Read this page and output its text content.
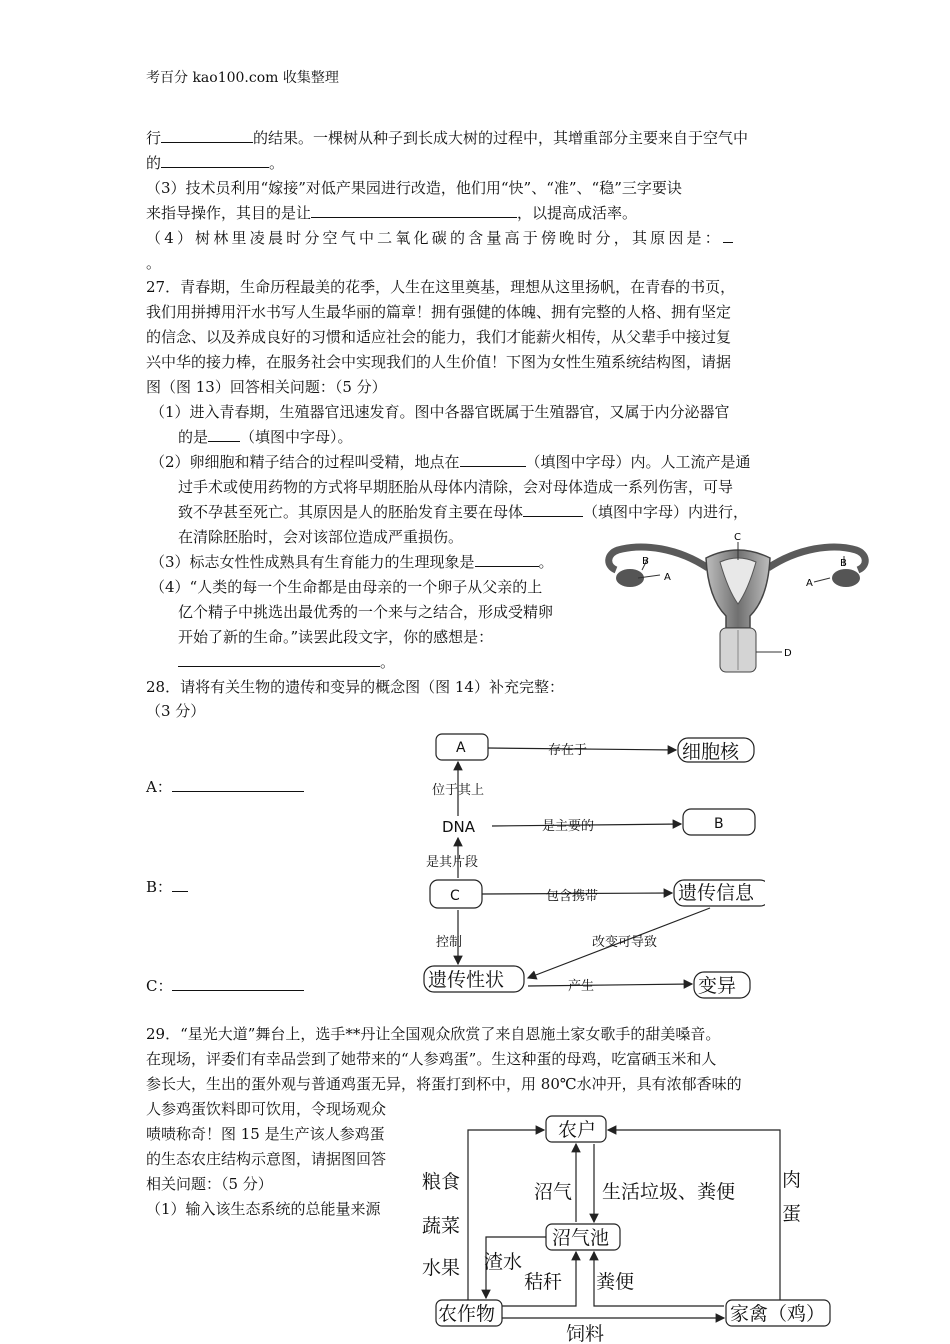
考百分 kao100.com 收集整理
行	的结果。一棵树从种子到长成大树的过程中，其增重部分主要来自于空气中
的	。
（3）技术员利用“嫁接”对低产果园进行改造，他们用“快”、“准”、“稳”三字要诀
来指导操作，其目的是让	，以提高成活率。
（4）树林里凌晨时分空气中二氧化碳的含量高于傍晚时分，其原因是：
。
27．青春期，生命历程最美的花季，人生在这里奠基，理想从这里扬帆，在青春的书页，
我们用拼搏用汗水书写人生最华丽的篇章！拥有强健的体魄、拥有完整的人格、拥有坚定
的信念、以及养成良好的习惯和适应社会的能力，我们才能薪火相传，从父辈手中接过复
兴中华的接力棒，在服务社会中实现我们的人生价值！下图为女性生殖系统结构图，请据
图（图 13）回答相关问题：（5 分）
（1）进入青春期，生殖器官迅速发育。图中各器官既属于生殖器官，又属于内分泌器官
的是 （填图中字母）。
（2）卵细胞和精子结合的过程叫受精，地点在	（填图中字母）内。人工流产是通
过手术或使用药物的方式将早期胚胎从母体内清除，会对母体造成一系列伤害，可导
致不孕甚至死亡。其原因是人的胚胎发育主要在母体	（填图中字母）内进行，
在清除胚胎时，会对该部位造成严重损伤。
（3）标志女性性成熟具有生育能力的生理现象是	。
（4）“人类的每一个生命都是由母亲的一个卵子从父亲的上
亿个精子中挑选出最优秀的一个来与之结合，形成受精卵
开始了新的生命。”读罢此段文字，你的感想是：
。
C
B
A
A
B
D
28．请将有关生物的遗传和变异的概念图（图 14）补充完整：
（3 分）
A：
B：
C：
A	细胞核
存在于
位于其上
DNA	是主要的	B
是其片段
C	包含携带	遗传信息
控制	改变可导致
遗传性状	产生	变异
29．“星光大道”舞台上，选手**丹让全国观众欣赏了来自恩施土家女歌手的甜美嗓音。
在现场，评委们有幸品尝到了她带来的“人参鸡蛋”。生这种蛋的母鸡，吃富硒玉米和人
参长大，生出的蛋外观与普通鸡蛋无异，将蛋打到杯中，用 80℃水冲开，具有浓郁香味的
人参鸡蛋饮料即可饮用，令现场观众
啧啧称奇！图 15 是生产该人参鸡蛋
的生态农庄结构示意图，请据图回答
相关问题：（5 分）
（1）输入该生态系统的总能量来源
农户
粮食
蔬菜
水果
沼气 生活垃圾、粪便
肉
蛋
沼气池
渣水
秸秆 粪便
农作物	家禽（鸡）
饲料
